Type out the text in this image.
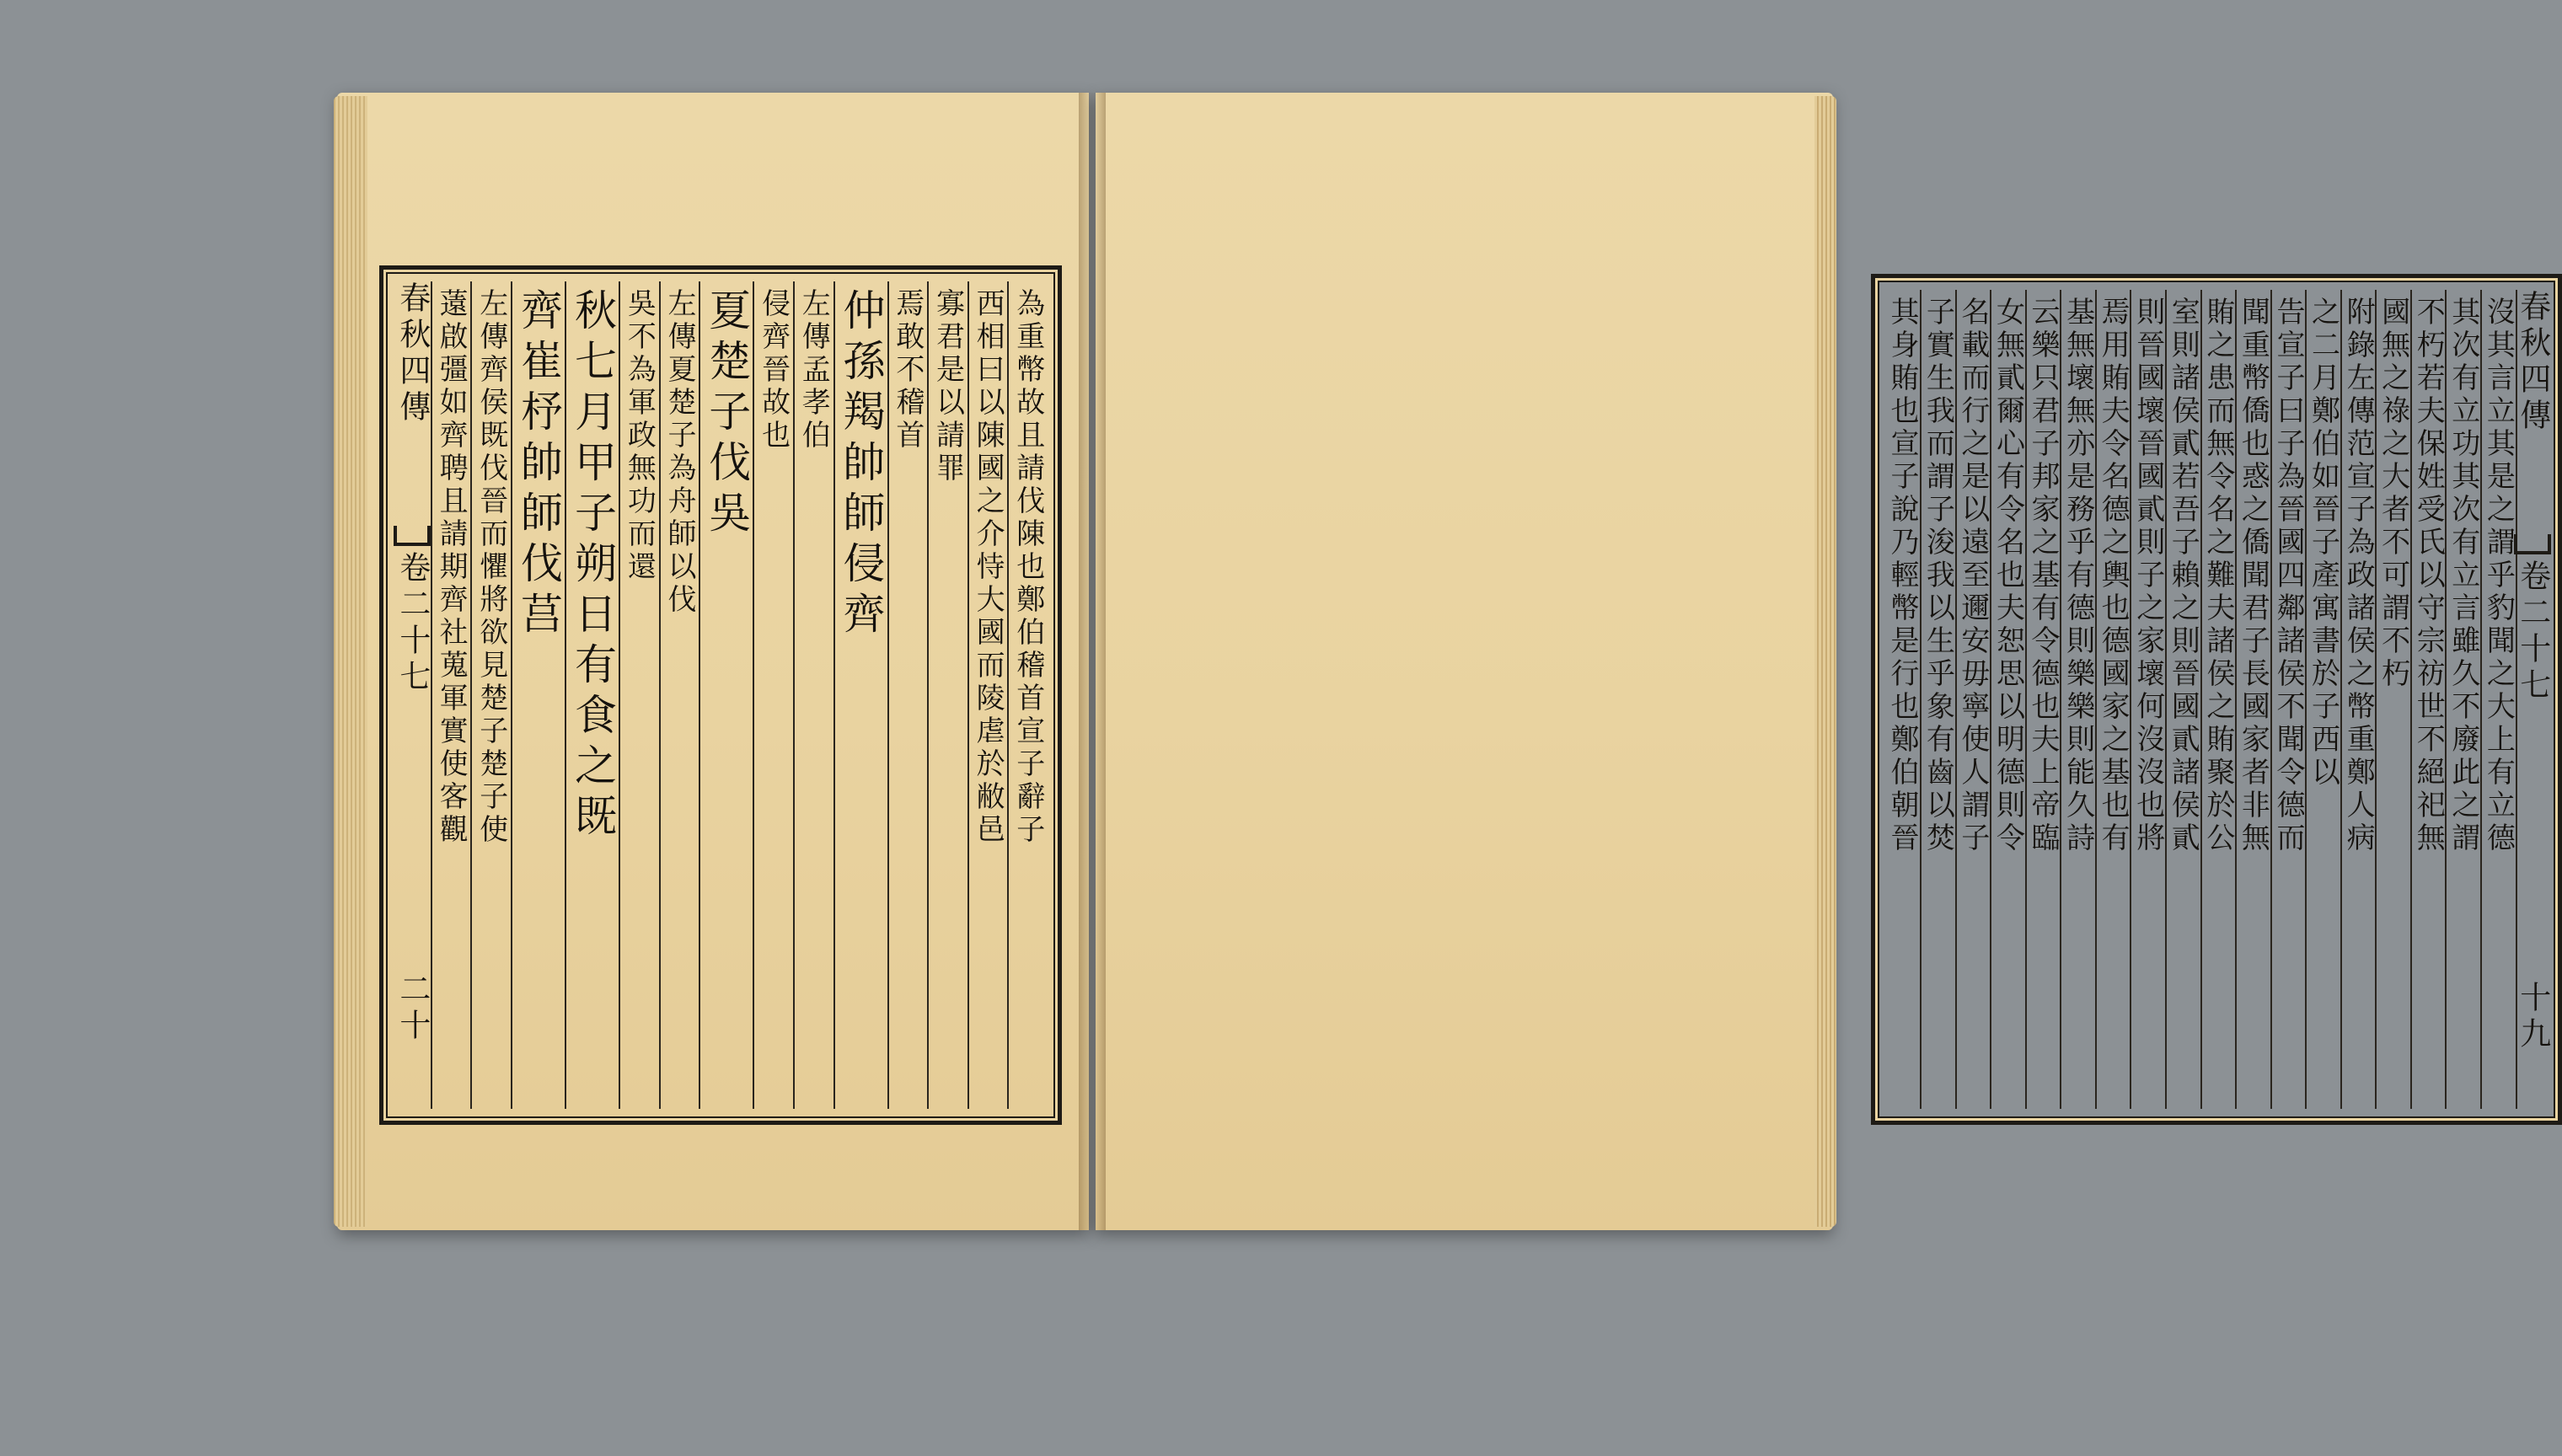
為重幣故且請伐陳也鄭伯稽首宣子辭子
西相曰以陳國之介恃大國而陵虐於敝邑
寡君是以請罪
焉敢不稽首
仲孫羯帥師侵齊
左傳孟孝伯
侵齊晉故也
夏楚子伐吳
左傳夏楚子為舟師以伐
吳不為軍政無功而還
秋七月甲子朔日有食之既
齊崔杼帥師伐莒
左傳齊侯既伐晉而懼將欲見楚子楚子使
薳啟彊如齊聘且請期齊社蒐軍實使客觀
春秋四傳
卷二十七
二十
春秋四傳
卷二十七
十九
沒其言立其是之謂乎豹聞之大上有立德
其次有立功其次有立言雖久不廢此之謂
不朽若夫保姓受氏以守宗祊世不絕祀無
國無之祿之大者不可謂不朽
附錄左傳范宣子為政諸侯之幣重鄭人病
之二月鄭伯如晉子產寓書於子西以
告宣子曰子為晉國四鄰諸侯不聞令德而
聞重幣僑也惑之僑聞君子長國家者非無
賄之患而無令名之難夫諸侯之賄聚於公
室則諸侯貳若吾子賴之則晉國貳諸侯貳
則晉國壞晉國貳則子之家壞何沒沒也將
焉用賄夫令名德之輿也德國家之基也有
基無壞無亦是務乎有德則樂樂則能久詩
云樂只君子邦家之基有令德也夫上帝臨
女無貳爾心有令名也夫恕思以明德則令
名載而行之是以遠至邇安毋寧使人謂子
子實生我而謂子浚我以生乎象有齒以焚
其身賄也宣子說乃輕幣是行也鄭伯朝晉
